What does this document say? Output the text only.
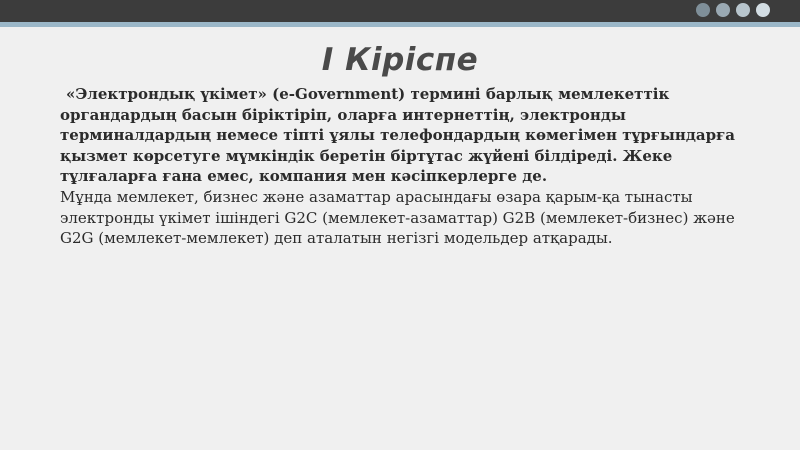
I Кіріспе

«Электрондық үкімет» (e-Government) термині барлық мемлекеттік органдардың басын біріктіріп, оларға интернеттің, электронды терминалдардың немесе тіпті ұялы телефондардың көмегімен тұрғындарға қызмет көрсетуге мүмкіндік беретін біртұтас жүйені білдіреді. Жеке тұлғаларға ғана емес, компания мен кәсіпкерлерге де.

Мұнда мемлекет, бизнес және азаматтар арасындағы өзара қарым-қа тынасты электронды үкімет ішіндегі G2C (мемлекет-азаматтар) G2B (мемлекет-бизнес) және G2G (мемлекет-мемлекет) деп аталатын негізгі модельдер атқарады.
